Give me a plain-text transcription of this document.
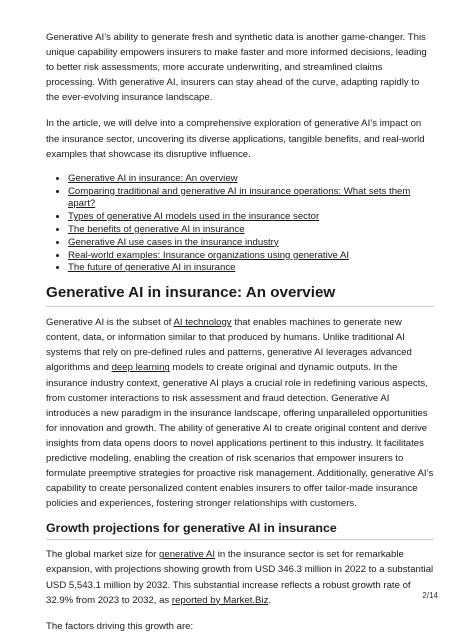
Generative AI’s ability to generate fresh and synthetic data is another game-changer. This unique capability empowers insurers to make faster and more informed decisions, leading to better risk assessments, more accurate underwriting, and streamlined claims processing. With generative AI, insurers can stay ahead of the curve, adapting rapidly to the ever-evolving insurance landscape.

In the article, we will delve into a comprehensive exploration of generative AI’s impact on the insurance sector, uncovering its diverse applications, tangible benefits, and real-world examples that showcase its disruptive influence.

• Generative AI in insurance: An overview
• Comparing traditional and generative AI in insurance operations: What sets them apart?
• Types of generative AI models used in the insurance sector
• The benefits of generative AI in insurance
• Generative AI use cases in the insurance industry
• Real-world examples: Insurance organizations using generative AI
• The future of generative AI in insurance
Generative AI in insurance: An overview

Generative AI is the subset of AI technology that enables machines to generate new content, data, or information similar to that produced by humans. Unlike traditional AI systems that rely on pre-defined rules and patterns, generative AI leverages advanced algorithms and deep learning models to create original and dynamic outputs. In the insurance industry context, generative AI plays a crucial role in redefining various aspects, from customer interactions to risk assessment and fraud detection. Generative AI introduces a new paradigm in the insurance landscape, offering unparalleled opportunities for innovation and growth. The ability of generative AI to create original content and derive insights from data opens doors to novel applications pertinent to this industry. It facilitates predictive modeling, enabling the creation of risk scenarios that empower insurers to formulate preemptive strategies for proactive risk management. Additionally, generative AI’s capability to create personalized content enables insurers to offer tailor-made insurance policies and experiences, fostering stronger relationships with customers.

Growth projections for generative AI in insurance

The global market size for generative AI in the insurance sector is set for remarkable expansion, with projections showing growth from USD 346.3 million in 2022 to a substantial USD 5,543.1 million by 2032. This substantial increase reflects a robust growth rate of 32.9% from 2023 to 2032, as reported by Market.Biz.

The factors driving this growth are:

2/14
